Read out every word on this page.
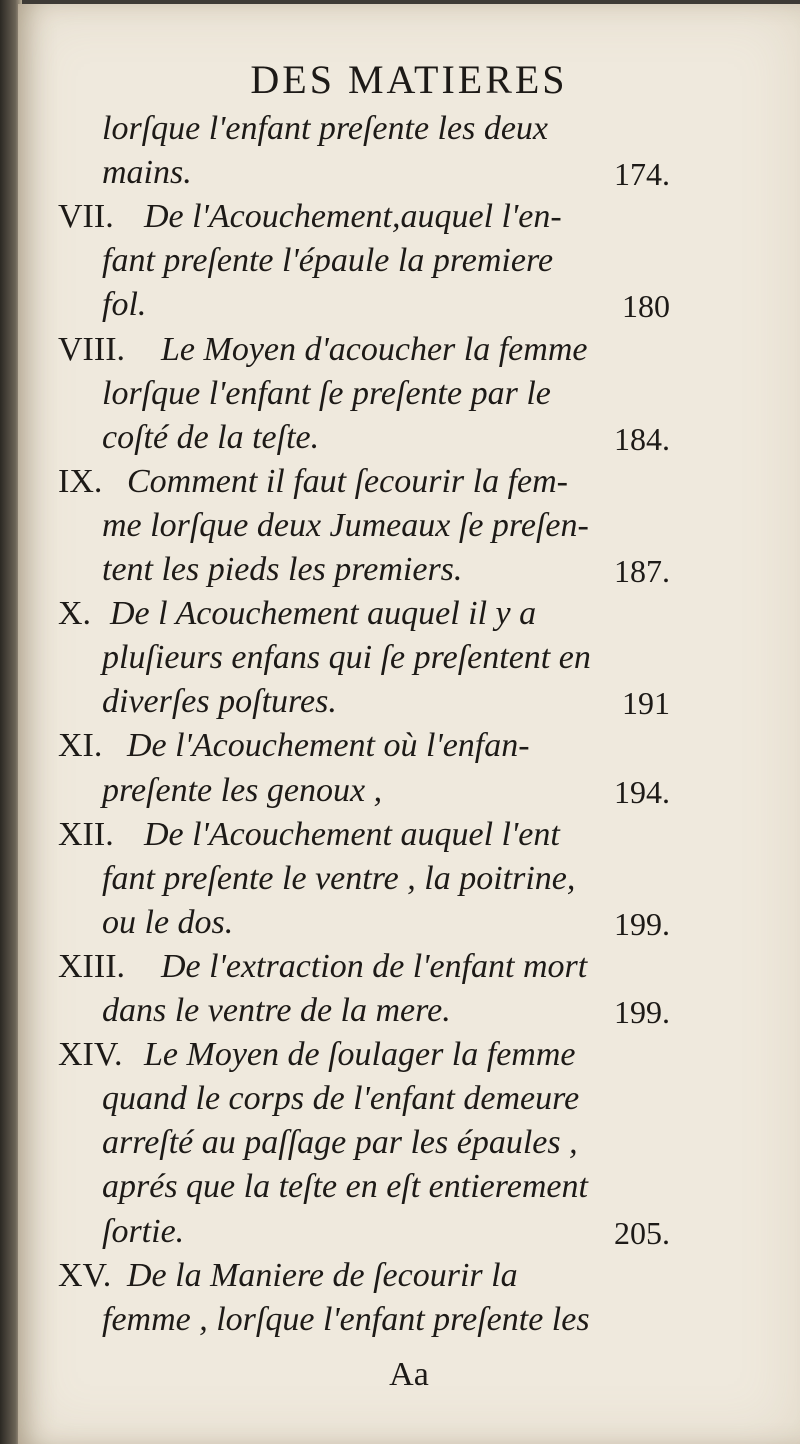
DES MATIERES
lorſque l'enfant preſente les deux
mains.	174.
VII. De l'Acouchement,auquel l'en-
fant preſente l'épaule la premiere
fol.	180
VIII. Le Moyen d'acoucher la femme
lorſque l'enfant ſe preſente par le
coſté de la teſte.	184.
IX. Comment il faut ſecourir la fem-
me lorſque deux Jumeaux ſe preſen-
tent les pieds les premiers.	187.
X. De l Acouchement auquel il y a
pluſieurs enfans qui ſe preſentent en
diverſes poſtures.	191
XI. De l'Acouchement où l'enfan-
preſente les genoux ,	194.
XII. De l'Acouchement auquel l'ent
fant preſente le ventre , la poitrine,
ou le dos.	199.
XIII. De l'extraction de l'enfant mort
dans le ventre de la mere.	199.
XIV. Le Moyen de ſoulager la femme
quand le corps de l'enfant demeure
arreſté au paſſage par les épaules ,
aprés que la teſte en eſt entierement
ſortie.	205.
XV. De la Maniere de ſecourir la
femme , lorſque l'enfant preſente les
Aa
